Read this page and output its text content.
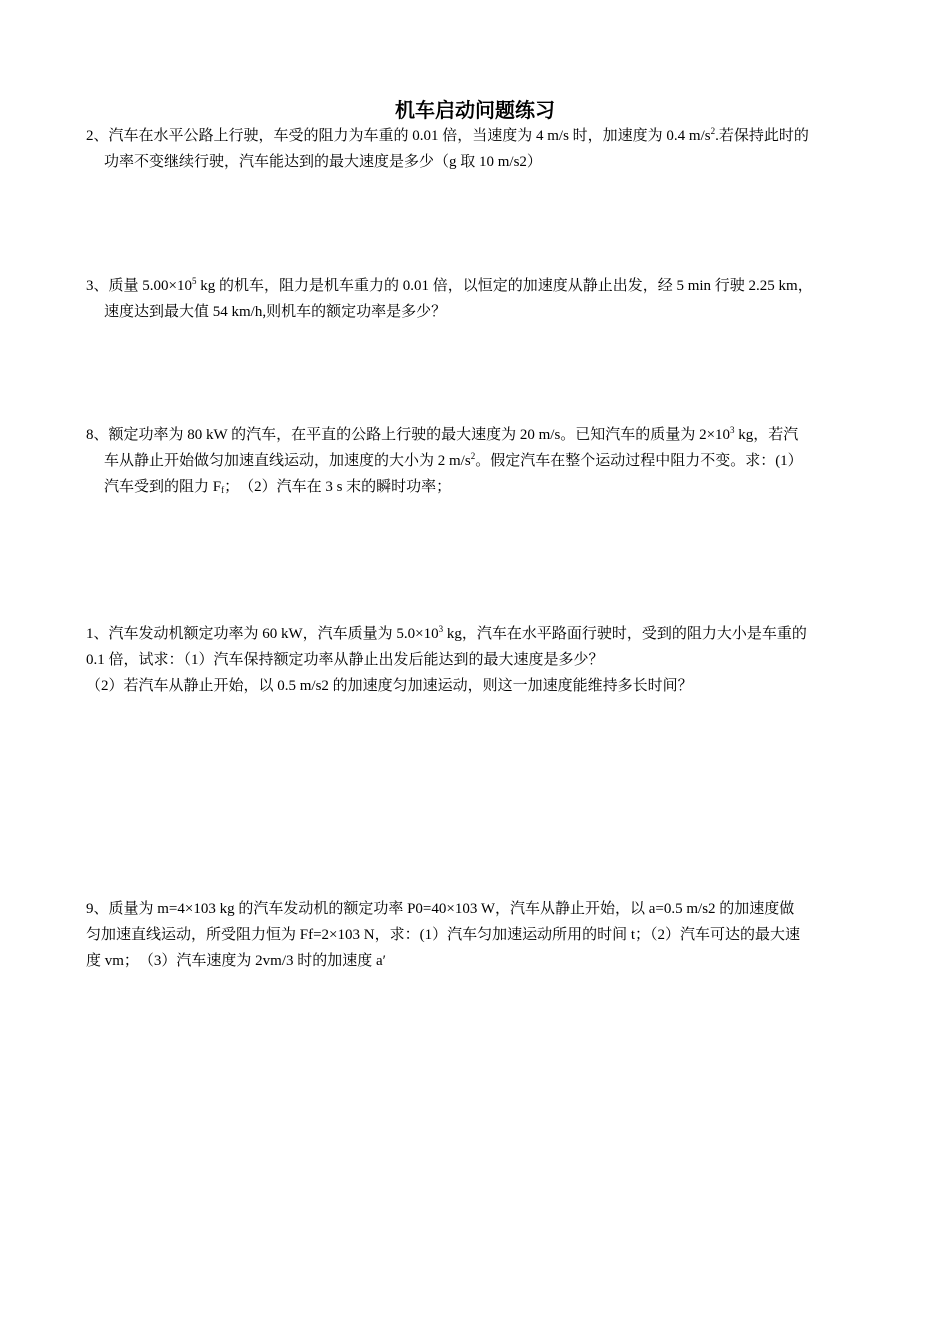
机车启动问题练习
2、汽车在水平公路上行驶，车受的阻力为车重的 0.01 倍，当速度为 4 m/s 时，加速度为 0.4 $m/s^2$.若保持此时的
功率不变继续行驶，汽车能达到的最大速度是多少（g 取 10 m/s2）
3、质量 $5.00\times 10^5$ kg 的机车，阻力是机车重力的 0.01 倍，以恒定的加速度从静止出发，经 5 min 行驶 2.25 km，
速度达到最大值 54 km/h,则机车的额定功率是多少？
8、额定功率为 80 kW 的汽车，在平直的公路上行驶的最大速度为 20 m/s。已知汽车的质量为 $2\times 10^3$ kg，若汽
车从静止开始做匀加速直线运动，加速度的大小为 2 $m/s^2$。假定汽车在整个运动过程中阻力不变。求：(1）
汽车受到的阻力 $F_f$；　（2）汽车在 3 s 末的瞬时功率；
1、汽车发动机额定功率为 60 kW，汽车质量为 $5.0\times 10^3$ kg，汽车在水平路面行驶时，受到的阻力大小是车重的
0.1 倍，试求：（1）汽车保持额定功率从静止出发后能达到的最大速度是多少？
（2）若汽车从静止开始，以 0.5 m/s2 的加速度匀加速运动，则这一加速度能维持多长时间？
9、质量为 m=4×103 kg 的汽车发动机的额定功率 P0=40×103 W，汽车从静止开始，以 a=0.5 m/s2 的加速度做
匀加速直线运动，所受阻力恒为 Ff=2×103 N，求：(1）汽车匀加速运动所用的时间 t；（2）汽车可达的最大速
度 vm；　（3）汽车速度为 2vm/3 时的加速度 a′
